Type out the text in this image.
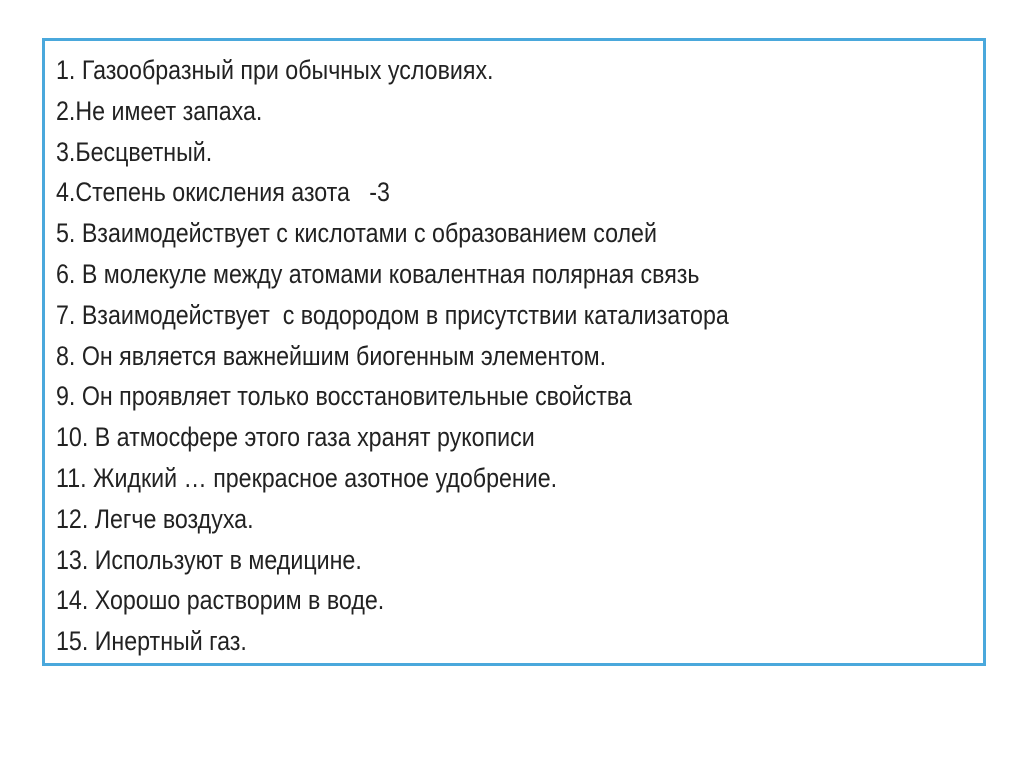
1. Газообразный при обычных условиях.
2.Не имеет запаха.
3.Бесцветный.
4.Степень окисления азота   -3
5. Взаимодействует с кислотами с образованием солей
6. В молекуле между атомами ковалентная полярная связь
7. Взаимодействует  с водородом в присутствии катализатора
8. Он является важнейшим биогенным элементом.
9. Он проявляет только восстановительные свойства
10. В атмосфере этого газа хранят рукописи
11. Жидкий … прекрасное азотное удобрение.
12. Легче воздуха.
13. Используют в медицине.
14. Хорошо растворим в воде.
15. Инертный газ.
